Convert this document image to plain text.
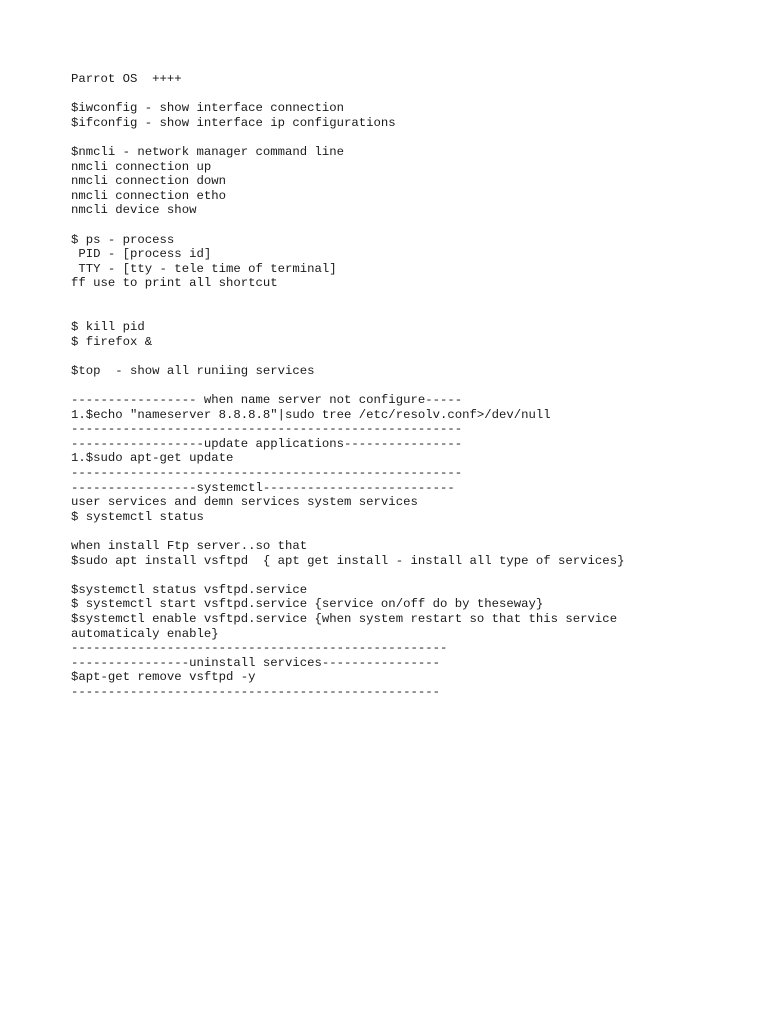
Parrot OS  ++++
$iwconfig - show interface connection
$ifconfig - show interface ip configurations
$nmcli - network manager command line
nmcli connection up
nmcli connection down
nmcli connection etho
nmcli device show
$ ps - process
PID - [process id]
TTY - [tty - tele time of terminal]
ff use to print all shortcut
$ kill pid
$ firefox &
$top  - show all runiing services
----------------- when name server not configure-----
1.$echo "nameserver 8.8.8.8"|sudo tree /etc/resolv.conf>/dev/null
-----------------------------------------------------
------------------update applications----------------
1.$sudo apt-get update
-----------------------------------------------------
-----------------systemctl--------------------------
user services and demn services system services
$ systemctl status
when install Ftp server..so that
$sudo apt install vsftpd  { apt get install - install all type of services}
$systemctl status vsftpd.service
$ systemctl start vsftpd.service {service on/off do by theseway}
$systemctl enable vsftpd.service {when system restart so that this service
automaticaly enable}
---------------------------------------------------
----------------uninstall services----------------
$apt-get remove vsftpd -y
--------------------------------------------------
